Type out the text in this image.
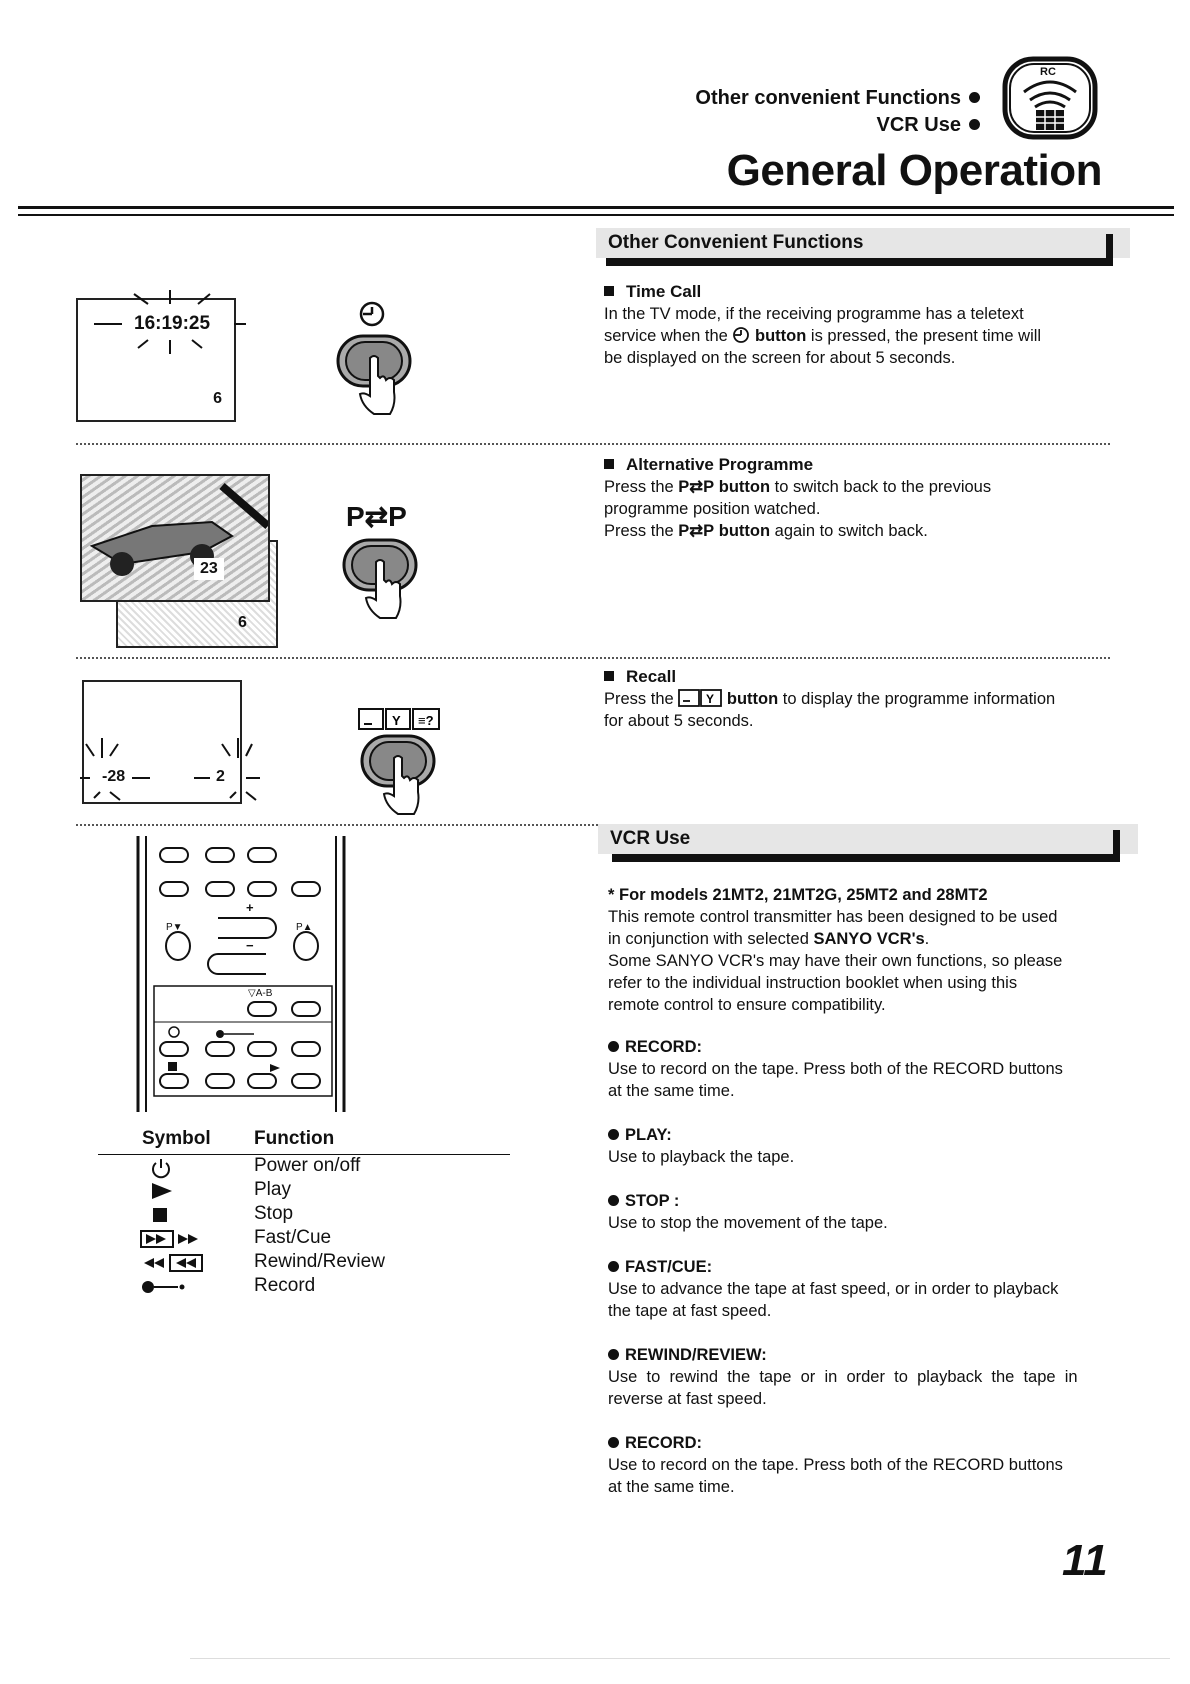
Other convenient Functions
VCR Use
RC
General Operation
Other Convenient Functions
16:19:25
6
Time Call
In the TV mode, if the receiving programme has a teletext
service when the button is pressed, the present time will
be displayed on the screen for about 5 seconds.
6
23
P⇄P
Alternative Programme
Press the P⇄P button to switch back to the previous
programme position watched.
Press the P⇄P button again to switch back.
-28	2
Y ≡?
Recall
Press the	Y button to display the programme information
for about 5 seconds.
VCR Use
P▼	P▲
+
−
▽A-B
Symbol Function
Power on/off
Play
Stop
Fast/Cue
Rewind/Review
Record
* For models 21MT2, 21MT2G, 25MT2 and 28MT2
This remote control transmitter has been designed to be used
in conjunction with selected SANYO VCR's.
Some SANYO VCR's may have their own functions, so please
refer to the individual instruction booklet when using this
remote control to ensure compatibility.
RECORD:
Use to record on the tape. Press both of the RECORD buttons
at the same time.
PLAY:
Use to playback the tape.
STOP :
Use to stop the movement of the tape.
FAST/CUE:
Use to advance the tape at fast speed, or in order to playback
the tape at fast speed.
REWIND/REVIEW:
Use  to  rewind  the  tape  or  in  order  to  playback  the  tape  in
reverse at fast speed.
RECORD:
Use to record on the tape. Press both of the RECORD buttons
at the same time.
11
